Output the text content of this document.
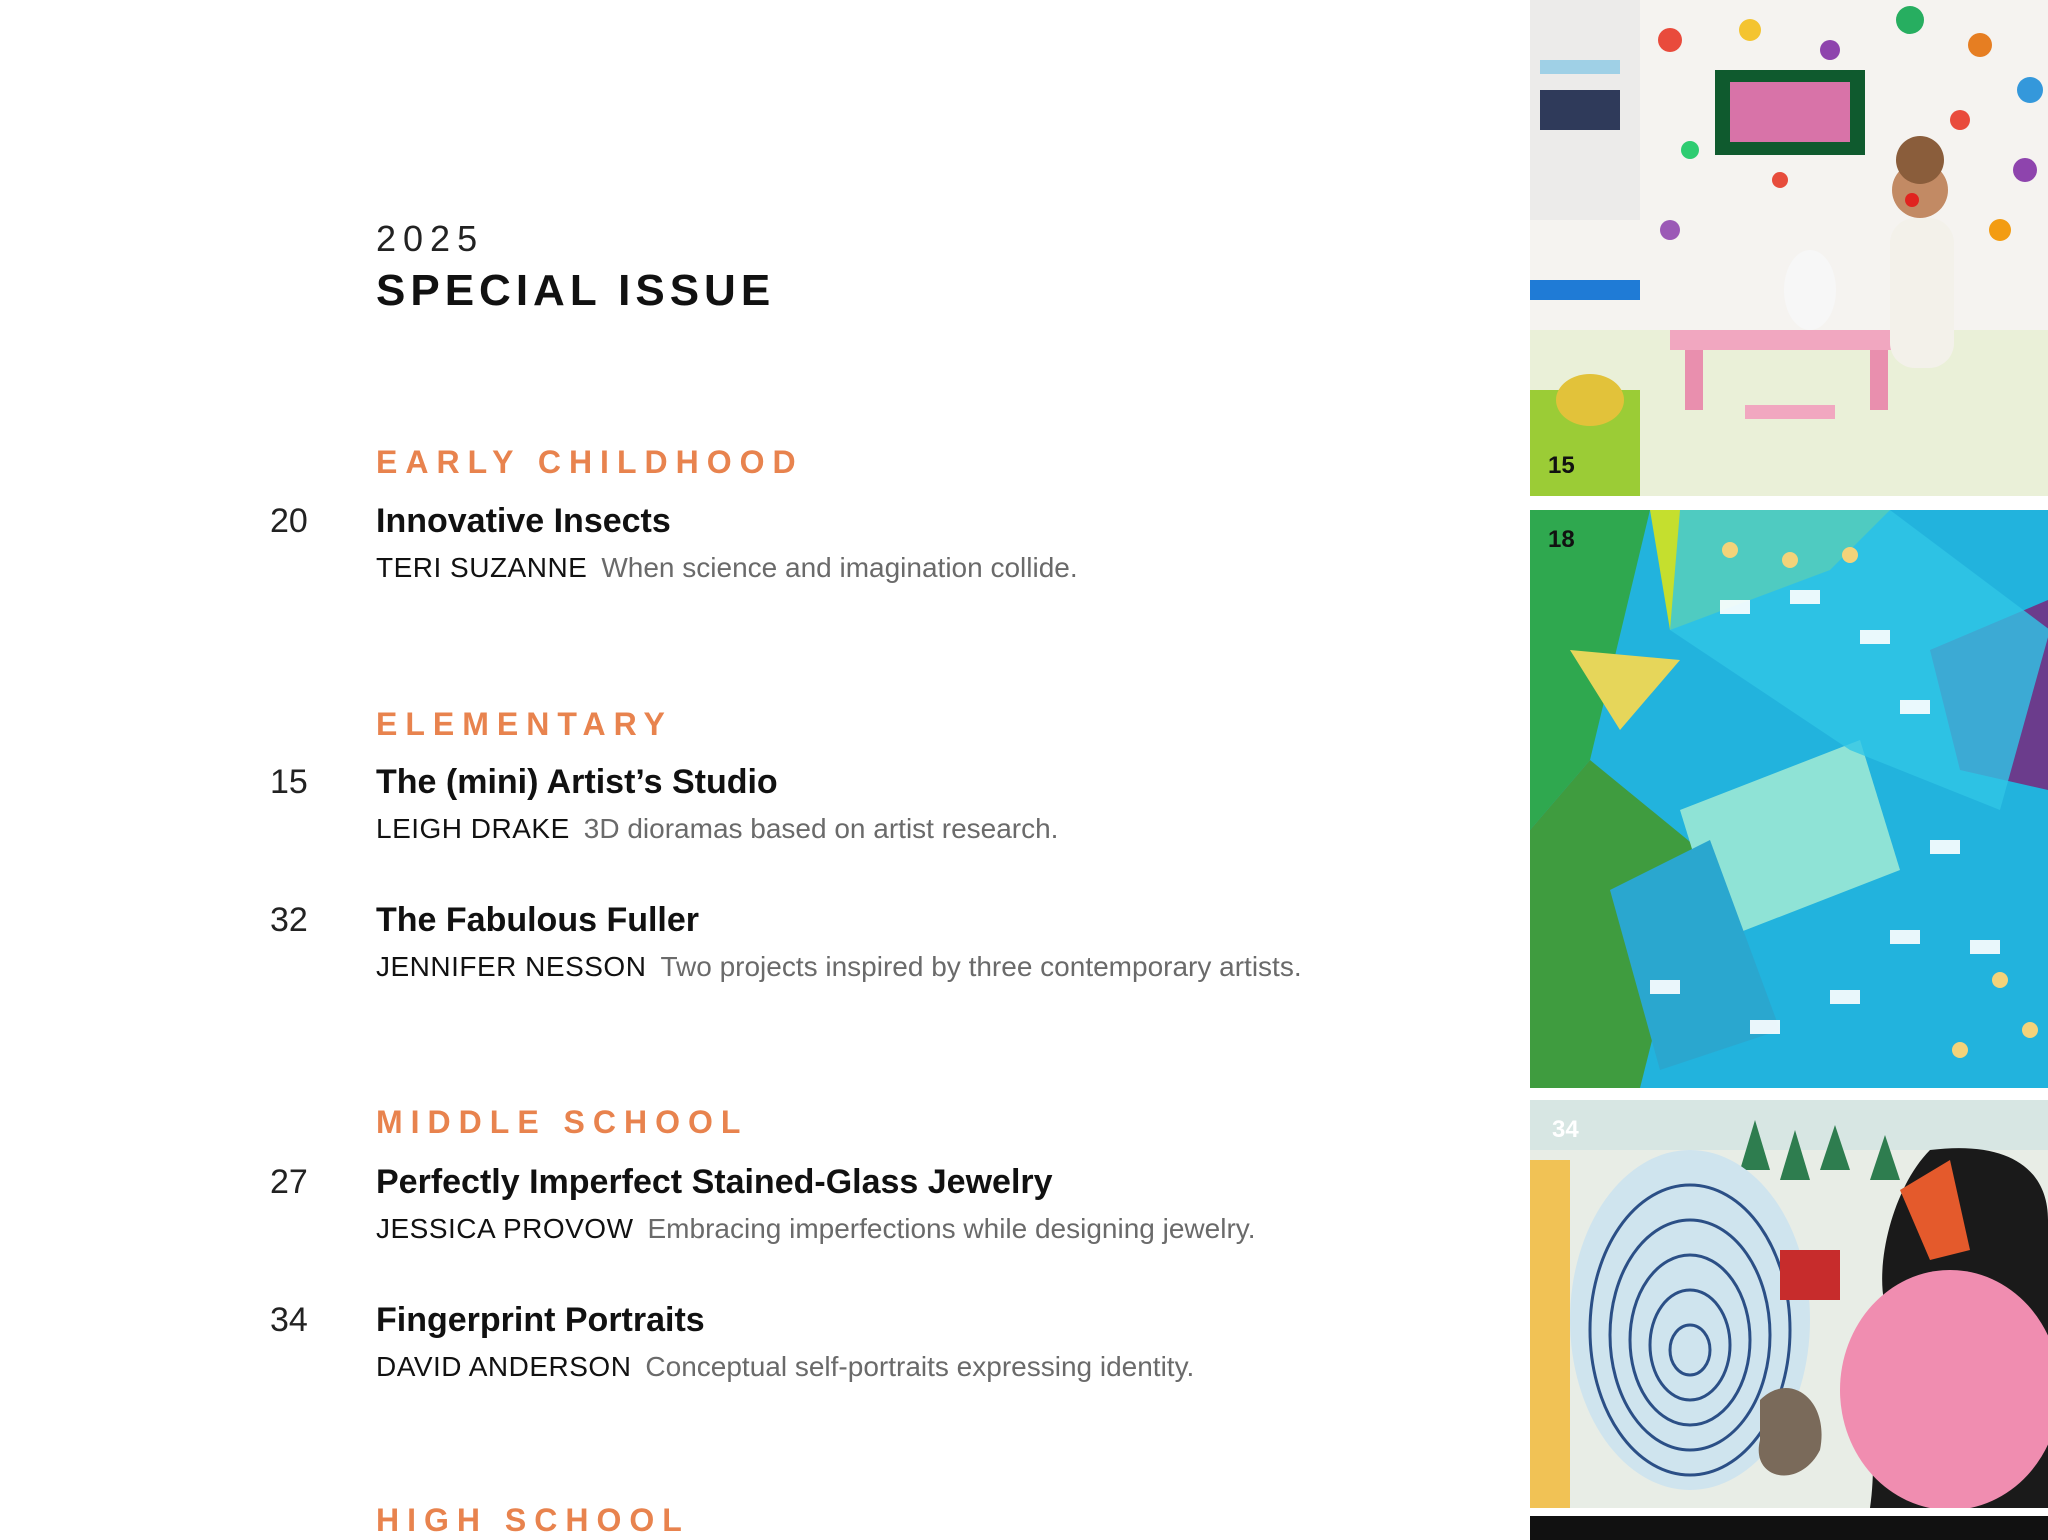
2025
SPECIAL ISSUE
EARLY CHILDHOOD
20 Innovative Insects
TERI SUZANNE When science and imagination collide.
ELEMENTARY
15 The (mini) Artist’s Studio
LEIGH DRAKE 3D dioramas based on artist research.
32 The Fabulous Fuller
JENNIFER NESSON Two projects inspired by three contemporary artists.
MIDDLE SCHOOL
27 Perfectly Imperfect Stained-Glass Jewelry
JESSICA PROVOW Embracing imperfections while designing jewelry.
34 Fingerprint Portraits
DAVID ANDERSON Conceptual self-portraits expressing identity.
HIGH SCHOOL
15
18
34
